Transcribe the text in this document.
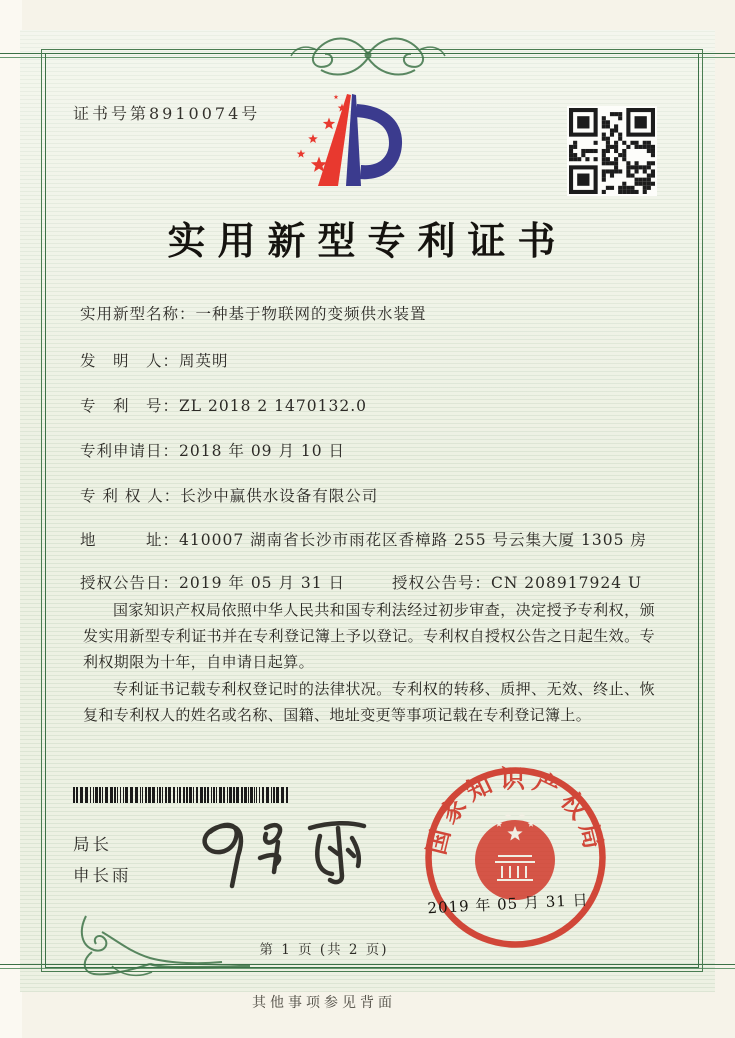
证书号第8910074号
实用新型专利证书
实用新型名称：一种基于物联网的变频供水装置
发　明　人：周英明
专　利　号：ZL 2018 2 1470132.0
专利申请日：2018 年 09 月 10 日
专 利 权 人：长沙中赢供水设备有限公司
地　　　址：410007 湖南省长沙市雨花区香樟路 255 号云集大厦 1305 房
授权公告日：2019 年 05 月 31 日	授权公告号：CN 208917924 U

国家知识产权局依照中华人民共和国专利法经过初步审查，决定授予专利权，颁发实用新型专利证书并在专利登记簿上予以登记。专利权自授权公告之日起生效。专利权期限为十年，自申请日起算。

专利证书记载专利权登记时的法律状况。专利权的转移、质押、无效、终止、恢复和专利权人的姓名或名称、国籍、地址变更等事项记载在专利登记簿上。

局长
申长雨
国家知识产权局
2019 年 05 月 31 日
第 1 页 (共 2 页)
其他事项参见背面
